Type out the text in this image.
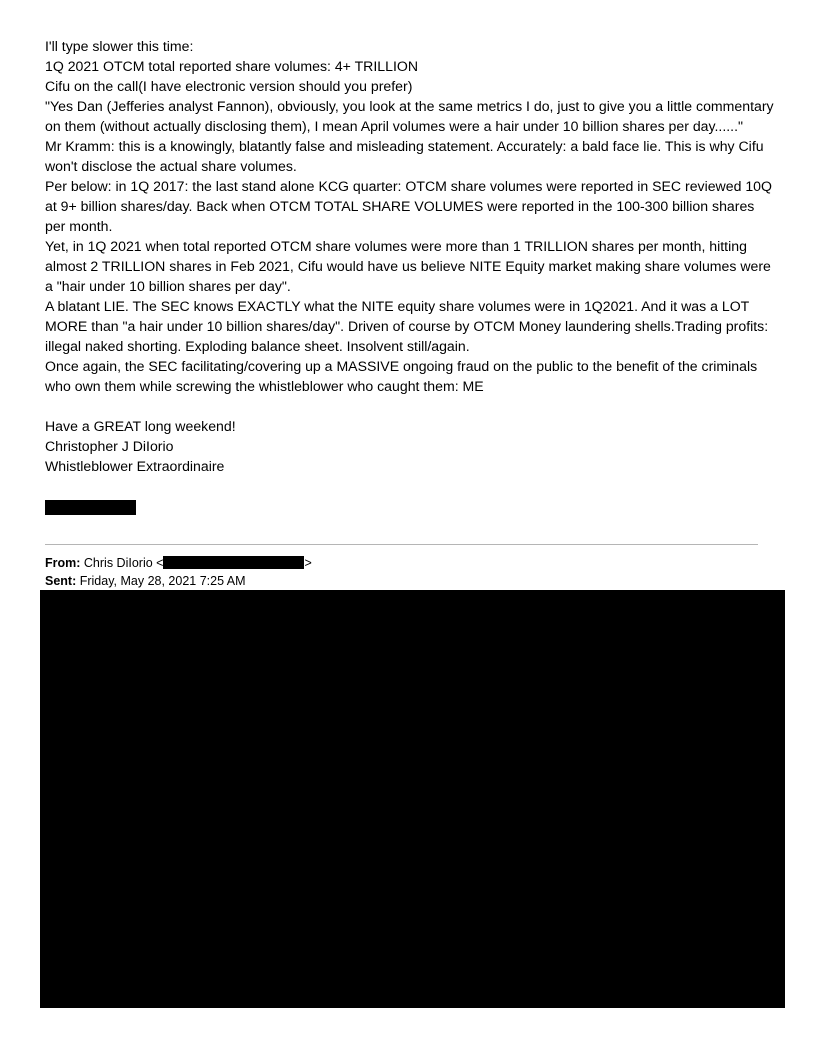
I'll type slower this time:

1Q 2021 OTCM total reported share volumes: 4+ TRILLION

Cifu on the call(I have electronic version should you prefer)

"Yes Dan (Jefferies analyst Fannon), obviously, you look at the same metrics I do, just to give you a little commentary on them (without actually disclosing them), I mean April volumes were a hair under 10 billion shares per day......"

Mr Kramm: this is a knowingly, blatantly false and misleading statement. Accurately: a bald face lie. This is why Cifu won't disclose the actual share volumes.

Per below: in 1Q 2017: the last stand alone KCG quarter: OTCM share volumes were reported in SEC reviewed 10Q at 9+ billion shares/day. Back when OTCM TOTAL SHARE VOLUMES were reported in the 100-300 billion shares per month.

Yet, in 1Q 2021 when total reported OTCM share volumes were more than 1 TRILLION shares per month, hitting almost 2 TRILLION shares in Feb 2021, Cifu would have us believe NITE Equity market making share volumes were a "hair under 10 billion shares per day".

A blatant LIE. The SEC knows EXACTLY what the NITE equity share volumes were in 1Q2021. And it was a LOT MORE than "a hair under 10 billion shares/day". Driven of course by OTCM Money laundering shells.Trading profits: illegal naked shorting. Exploding balance sheet. Insolvent still/again.

Once again, the SEC facilitating/covering up a MASSIVE ongoing fraud on the public to the benefit of the criminals who own them while screwing the whistleblower who caught them: ME

Have a GREAT long weekend!

Christopher J DiIorio

Whistleblower Extraordinaire

From: Chris DiIorio <	>
Sent: Friday, May 28, 2021 7:25 AM
